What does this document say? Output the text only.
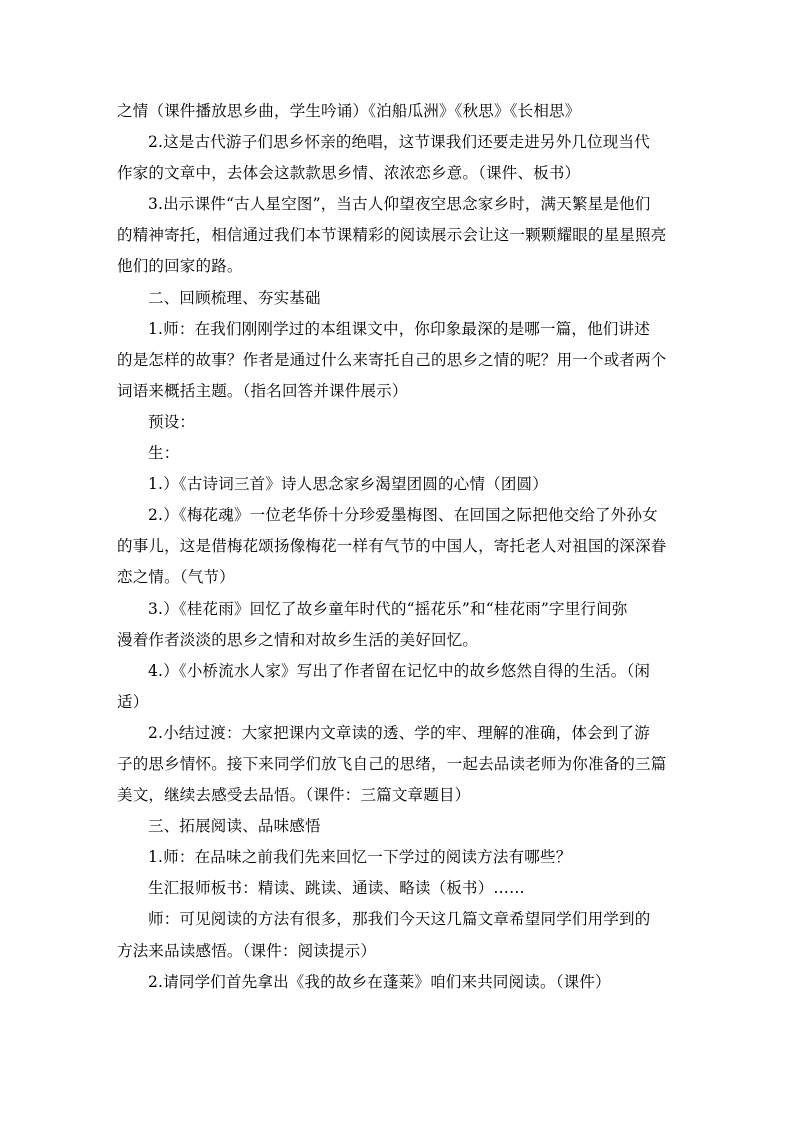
之情（课件播放思乡曲，学生吟诵）《泊船瓜洲》《秋思》《长相思》
2.这是古代游子们思乡怀亲的绝唱，这节课我们还要走进另外几位现当代
作家的文章中，去体会这款款思乡情、浓浓恋乡意。（课件、板书）
3.出示课件“古人星空图”，当古人仰望夜空思念家乡时，满天繁星是他们
的精神寄托，相信通过我们本节课精彩的阅读展示会让这一颗颗耀眼的星星照亮
他们的回家的路。
二、回顾梳理、夯实基础
1.师：在我们刚刚学过的本组课文中，你印象最深的是哪一篇，他们讲述
的是怎样的故事？作者是通过什么来寄托自己的思乡之情的呢？用一个或者两个
词语来概括主题。（指名回答并课件展示）
预设：
生：
1.）《古诗词三首》诗人思念家乡渴望团圆的心情（团圆）
2.）《梅花魂》一位老华侨十分珍爱墨梅图、在回国之际把他交给了外孙女
的事儿，这是借梅花颂扬像梅花一样有气节的中国人，寄托老人对祖国的深深眷
恋之情。（气节）
3.）《桂花雨》回忆了故乡童年时代的“摇花乐”和“桂花雨”字里行间弥
漫着作者淡淡的思乡之情和对故乡生活的美好回忆。
4.）《小桥流水人家》写出了作者留在记忆中的故乡悠然自得的生活。（闲
适）
2.小结过渡：大家把课内文章读的透、学的牢、理解的准确，体会到了游
子的思乡情怀。接下来同学们放飞自己的思绪，一起去品读老师为你准备的三篇
美文，继续去感受去品悟。（课件：三篇文章题目）
三、拓展阅读、品味感悟
1.师：在品味之前我们先来回忆一下学过的阅读方法有哪些？
生汇报师板书：精读、跳读、通读、略读（板书）……
师：可见阅读的方法有很多，那我们今天这几篇文章希望同学们用学到的
方法来品读感悟。（课件：阅读提示）
2.请同学们首先拿出《我的故乡在蓬莱》咱们来共同阅读。（课件）
